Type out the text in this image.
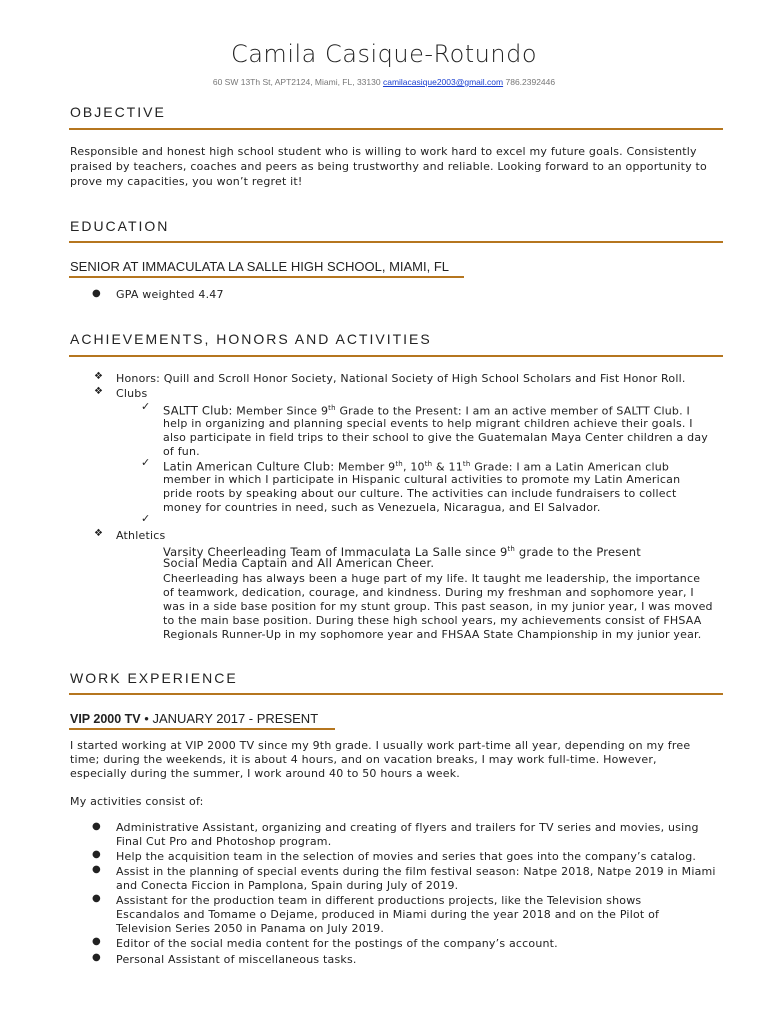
Camila Casique-Rotundo
60 SW 13Th St, APT2124, Miami, FL, 33130 camilacasique2003@gmail.com 786.2392446
OBJECTIVE
Responsible and honest high school student who is willing to work hard to excel my future goals. Consistently praised by teachers, coaches and peers as being trustworthy and reliable. Looking forward to an opportunity to prove my capacities, you won’t regret it!
EDUCATION
SENIOR AT IMMACULATA LA SALLE HIGH SCHOOL, MIAMI, FL
● GPA weighted 4.47
ACHIEVEMENTS, HONORS AND ACTIVITIES
❖ Honors: Quill and Scroll Honor Society, National Society of High School Scholars and Fist Honor Roll.
❖ Clubs
✓ SALTT Club: Member Since 9th Grade to the Present: I am an active member of SALTT Club. I
help in organizing and planning special events to help migrant children achieve their goals. I
also participate in field trips to their school to give the Guatemalan Maya Center children a day
of fun.
✓ Latin American Culture Club: Member 9th, 10th & 11th Grade: I am a Latin American club
member in which I participate in Hispanic cultural activities to promote my Latin American
pride roots by speaking about our culture. The activities can include fundraisers to collect
money for countries in need, such as Venezuela, Nicaragua, and El Salvador.
✓
❖ Athletics
Varsity Cheerleading Team of Immaculata La Salle since 9th grade to the Present
Social Media Captain and All American Cheer.
Cheerleading has always been a huge part of my life. It taught me leadership, the importance
of teamwork, dedication, courage, and kindness. During my freshman and sophomore year, I
was in a side base position for my stunt group. This past season, in my junior year, I was moved
to the main base position. During these high school years, my achievements consist of FHSAA
Regionals Runner-Up in my sophomore year and FHSAA State Championship in my junior year.
WORK EXPERIENCE
VIP 2000 TV • JANUARY 2017 - PRESENT
I started working at VIP 2000 TV since my 9th grade. I usually work part-time all year, depending on my free
time; during the weekends, it is about 4 hours, and on vacation breaks, I may work full-time. However,
especially during the summer, I work around 40 to 50 hours a week.
My activities consist of:
● Administrative Assistant, organizing and creating of flyers and trailers for TV series and movies, using
Final Cut Pro and Photoshop program.
● Help the acquisition team in the selection of movies and series that goes into the company’s catalog.
● Assist in the planning of special events during the film festival season: Natpe 2018, Natpe 2019 in Miami
and Conecta Ficcion in Pamplona, Spain during July of 2019.
● Assistant for the production team in different productions projects, like the Television shows
Escandalos and Tomame o Dejame, produced in Miami during the year 2018 and on the Pilot of
Television Series 2050 in Panama on July 2019.
● Editor of the social media content for the postings of the company’s account.
● Personal Assistant of miscellaneous tasks.
